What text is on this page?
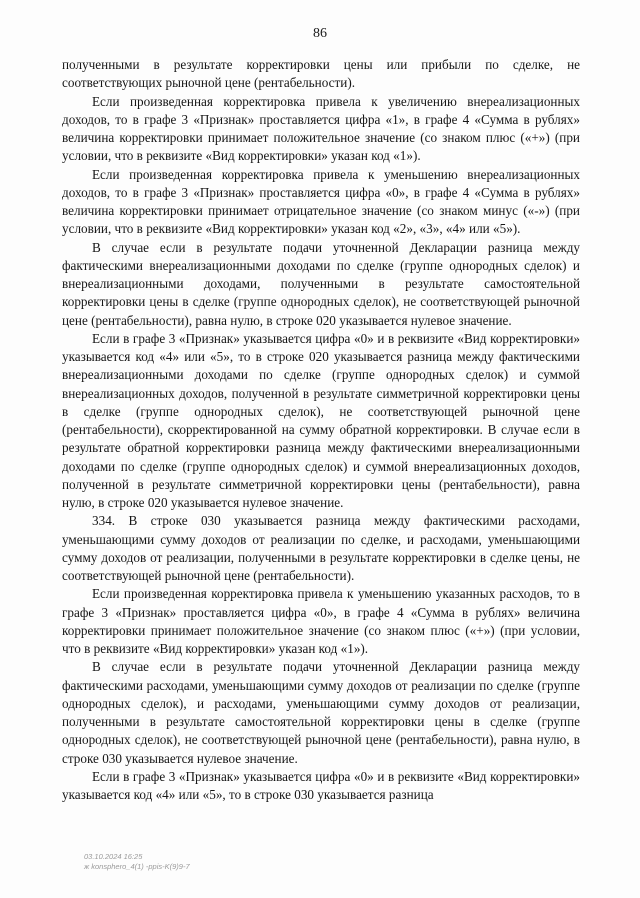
86

полученными в результате корректировки цены или прибыли по сделке, не соответствующих рыночной цене (рентабельности).

Если произведенная корректировка привела к увеличению внереализационных доходов, то в графе 3 «Признак» проставляется цифра «1», в графе 4 «Сумма в рублях» величина корректировки принимает положительное значение (со знаком плюс («+») (при условии, что в реквизите «Вид корректировки» указан код «1»).

Если произведенная корректировка привела к уменьшению внереализационных доходов, то в графе 3 «Признак» проставляется цифра «0», в графе 4 «Сумма в рублях» величина корректировки принимает отрицательное значение (со знаком минус («-») (при условии, что в реквизите «Вид корректировки» указан код «2», «3», «4» или «5»).

В случае если в результате подачи уточненной Декларации разница между фактическими внереализационными доходами по сделке (группе однородных сделок) и внереализационными доходами, полученными в результате самостоятельной корректировки цены в сделке (группе однородных сделок), не соответствующей рыночной цене (рентабельности), равна нулю, в строке 020 указывается нулевое значение.

Если в графе 3 «Признак» указывается цифра «0» и в реквизите «Вид корректировки» указывается код «4» или «5», то в строке 020 указывается разница между фактическими внереализационными доходами по сделке (группе однородных сделок) и суммой внереализационных доходов, полученной в результате симметричной корректировки цены в сделке (группе однородных сделок), не соответствующей рыночной цене (рентабельности), скорректированной на сумму обратной корректировки. В случае если в результате обратной корректировки разница между фактическими внереализационными доходами по сделке (группе однородных сделок) и суммой внереализационных доходов, полученной в результате симметричной корректировки цены (рентабельности), равна нулю, в строке 020 указывается нулевое значение.

334. В строке 030 указывается разница между фактическими расходами, уменьшающими сумму доходов от реализации по сделке, и расходами, уменьшающими сумму доходов от реализации, полученными в результате корректировки в сделке цены, не соответствующей рыночной цене (рентабельности).

Если произведенная корректировка привела к уменьшению указанных расходов, то в графе 3 «Признак» проставляется цифра «0», в графе 4 «Сумма в рублях» величина корректировки принимает положительное значение (со знаком плюс («+») (при условии, что в реквизите «Вид корректировки» указан код «1»).

В случае если в результате подачи уточненной Декларации разница между фактическими расходами, уменьшающими сумму доходов от реализации по сделке (группе однородных сделок), и расходами, уменьшающими сумму доходов от реализации, полученными в результате самостоятельной корректировки цены в сделке (группе однородных сделок), не соответствующей рыночной цене (рентабельности), равна нулю, в строке 030 указывается нулевое значение.

Если в графе 3 «Признак» указывается цифра «0» и в реквизите «Вид корректировки» указывается код «4» или «5», то в строке 030 указывается разница

03.10.2024 16:25
ж konsphero_4(1) -ppis-K(9)9-7
